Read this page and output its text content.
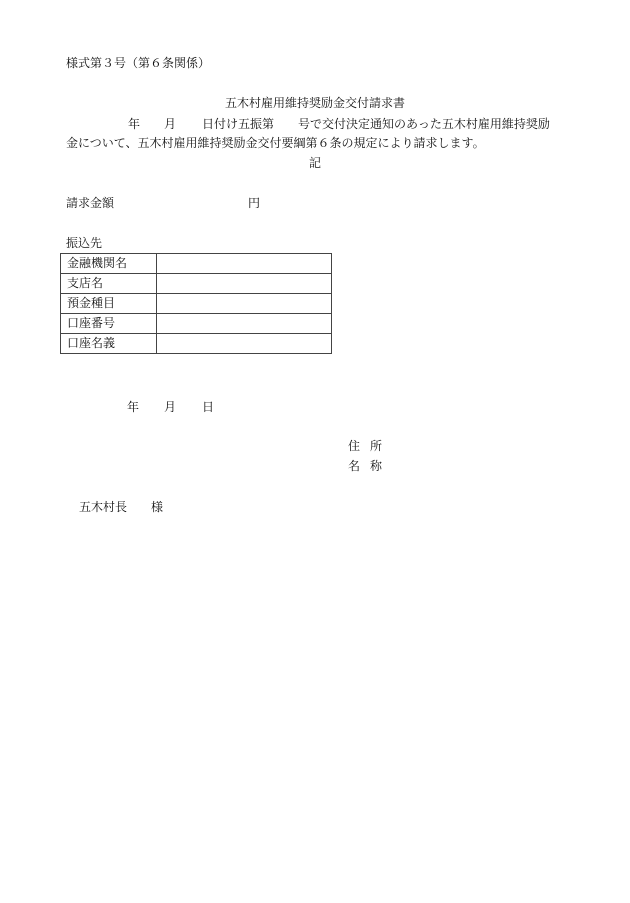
様式第３号（第６条関係）
五木村雇用維持奨励金交付請求書
年 月 日付け五振第 号で交付決定通知のあった五木村雇用維持奨励
金について、五木村雇用維持奨励金交付要綱第６条の規定により請求します。
記
請求金額	円
振込先
金融機関名	
支店名	
預金種目	
口座番号	
口座名義	
年 月 日
住所
名称
五木村長 様
